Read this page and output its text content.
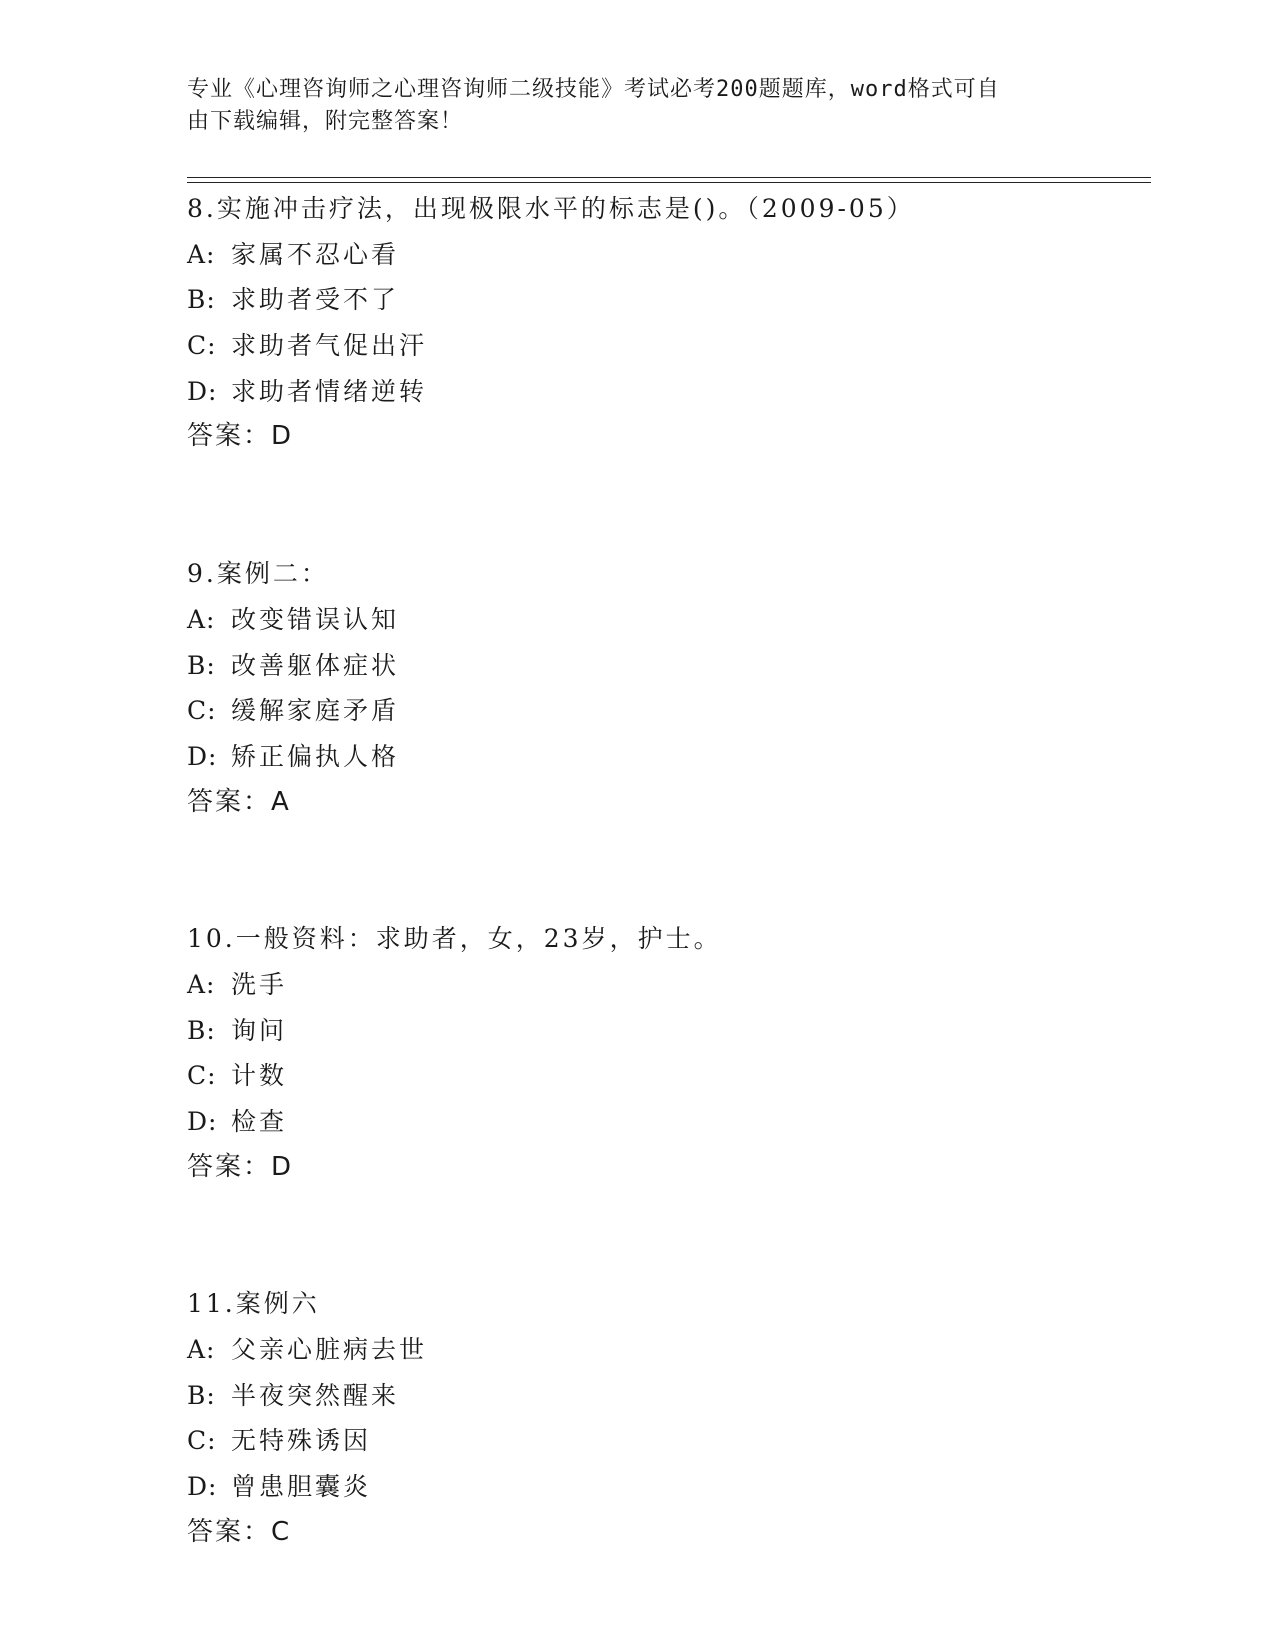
专业《心理咨询师之心理咨询师二级技能》考试必考200题题库，word格式可自

由下载编辑，附完整答案！

8.实施冲击疗法，出现极限水平的标志是()。（2009-05）
A: 家属不忍心看
B: 求助者受不了
C: 求助者气促出汗
D: 求助者情绪逆转
答案：D
9.案例二：
A: 改变错误认知
B: 改善躯体症状
C: 缓解家庭矛盾
D: 矫正偏执人格
答案：A
10.一般资料：求助者，女，23岁，护士。
A: 洗手
B: 询问
C: 计数
D: 检查
答案：D
11.案例六
A: 父亲心脏病去世
B: 半夜突然醒来
C: 无特殊诱因
D: 曾患胆囊炎
答案：C
